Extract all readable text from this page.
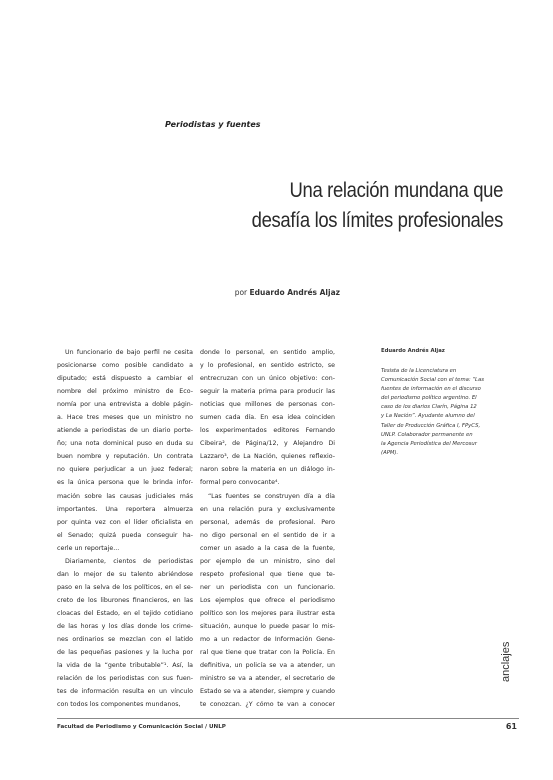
Periodistas y fuentes
Una relación mundana que
desafía los límites profesionales
por Eduardo Andrés Aljaz
Un funcionario de bajo perfil ne cesita
posicionarse como posible candidato a
diputado; está dispuesto a cambiar el
nombre del próximo ministro de Eco-
nomía por una entrevista a doble págin-
a. Hace tres meses que un ministro no
atiende a periodistas de un diario porte-
ño; una nota dominical puso en duda su
buen nombre y reputación. Un contrata
no quiere perjudicar a un juez federal;
es la única persona que le brinda infor-
mación sobre las causas judiciales más
importantes. Una reportera almuerza
por quinta vez con el líder oficialista en
el Senado; quizá pueda conseguir ha-
cerle un reportaje...
Diariamente, cientos de periodistas
dan lo mejor de su talento abriéndose
paso en la selva de los políticos, en el se-
creto de los liburones financieros, en las
cloacas del Estado, en el tejido cotidiano
de las horas y los días donde los crime-
nes ordinarios se mezclan con el latido
de las pequeñas pasiones y la lucha por
la vida de la “gente tributable”¹. Así, la
relación de los periodistas con sus fuen-
tes de información resulta en un vínculo
con todos los componentes mundanos,
donde lo personal, en sentido amplio,
y lo profesional, en sentido estricto, se
entrecruzan con un único objetivo: con-
seguir la materia prima para producir las
noticias que millones de personas con-
sumen cada día. En esa idea coinciden
los experimentados editores Fernando
Cibeira², de Página/12, y Alejandro Di
Lazzaro³, de La Nación, quienes reflexio-
naron sobre la materia en un diálogo in-
formal pero convocante⁴.
“Las fuentes se construyen día a día
en una relación pura y exclusivamente
personal, además de profesional. Pero
no digo personal en el sentido de ir a
comer un asado a la casa de la fuente,
por ejemplo de un ministro, sino del
respeto profesional que tiene que te-
ner un periodista con un funcionario.
Los ejemplos que ofrece el periodismo
político son los mejores para ilustrar esta
situación, aunque lo puede pasar lo mis-
mo a un redactor de Información Gene-
ral que tiene que tratar con la Policía. En
definitiva, un policía se va a atender, un
ministro se va a atender, el secretario de
Estado se va a atender, siempre y cuando
te conozcan. ¿Y cómo te van a conocer
Eduardo Andrés Aljaz
Tesista de la Licenciatura en
Comunicación Social con el tema: “Las
fuentes de información en el discurso
del periodismo político argentino. El
caso de los diarios Clarín, Página 12
y La Nación”. Ayudante alumno del
Taller de Producción Gráfica I, FPyCS,
UNLP. Colaborador permanente en
la Agencia Periodística del Mercosur
(APM).
anclajes
Facultad de Periodismo y Comunicación Social / UNLP	61
